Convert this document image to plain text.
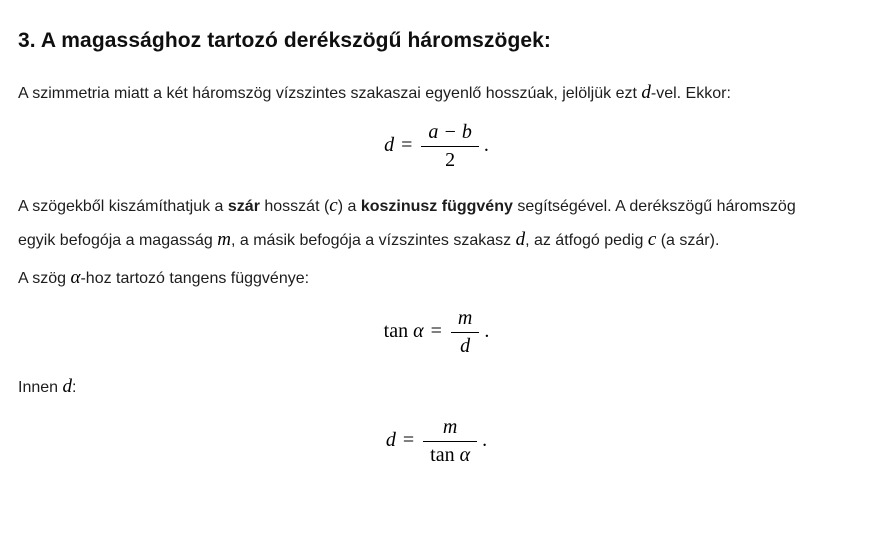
3. A magassághoz tartozó derékszögű háromszögek:

A szimmetria miatt a két háromszög vízszintes szakaszai egyenlő hosszúak, jelöljük ezt d-vel. Ekkor:

$d = \frac{a - b}{2}$ .

A szögekből kiszámíthatjuk a szár hosszát (c) a koszinusz függvény segítségével. A derékszögű háromszög egyik befogója a magasság m, a másik befogója a vízszintes szakasz d, az átfogó pedig c (a szár).

A szög α-hoz tartozó tangens függvénye:

$\tan \alpha = \frac{m}{d}$ .

Innen d:

$d = \frac{m}{\text{tan α}}$ .
